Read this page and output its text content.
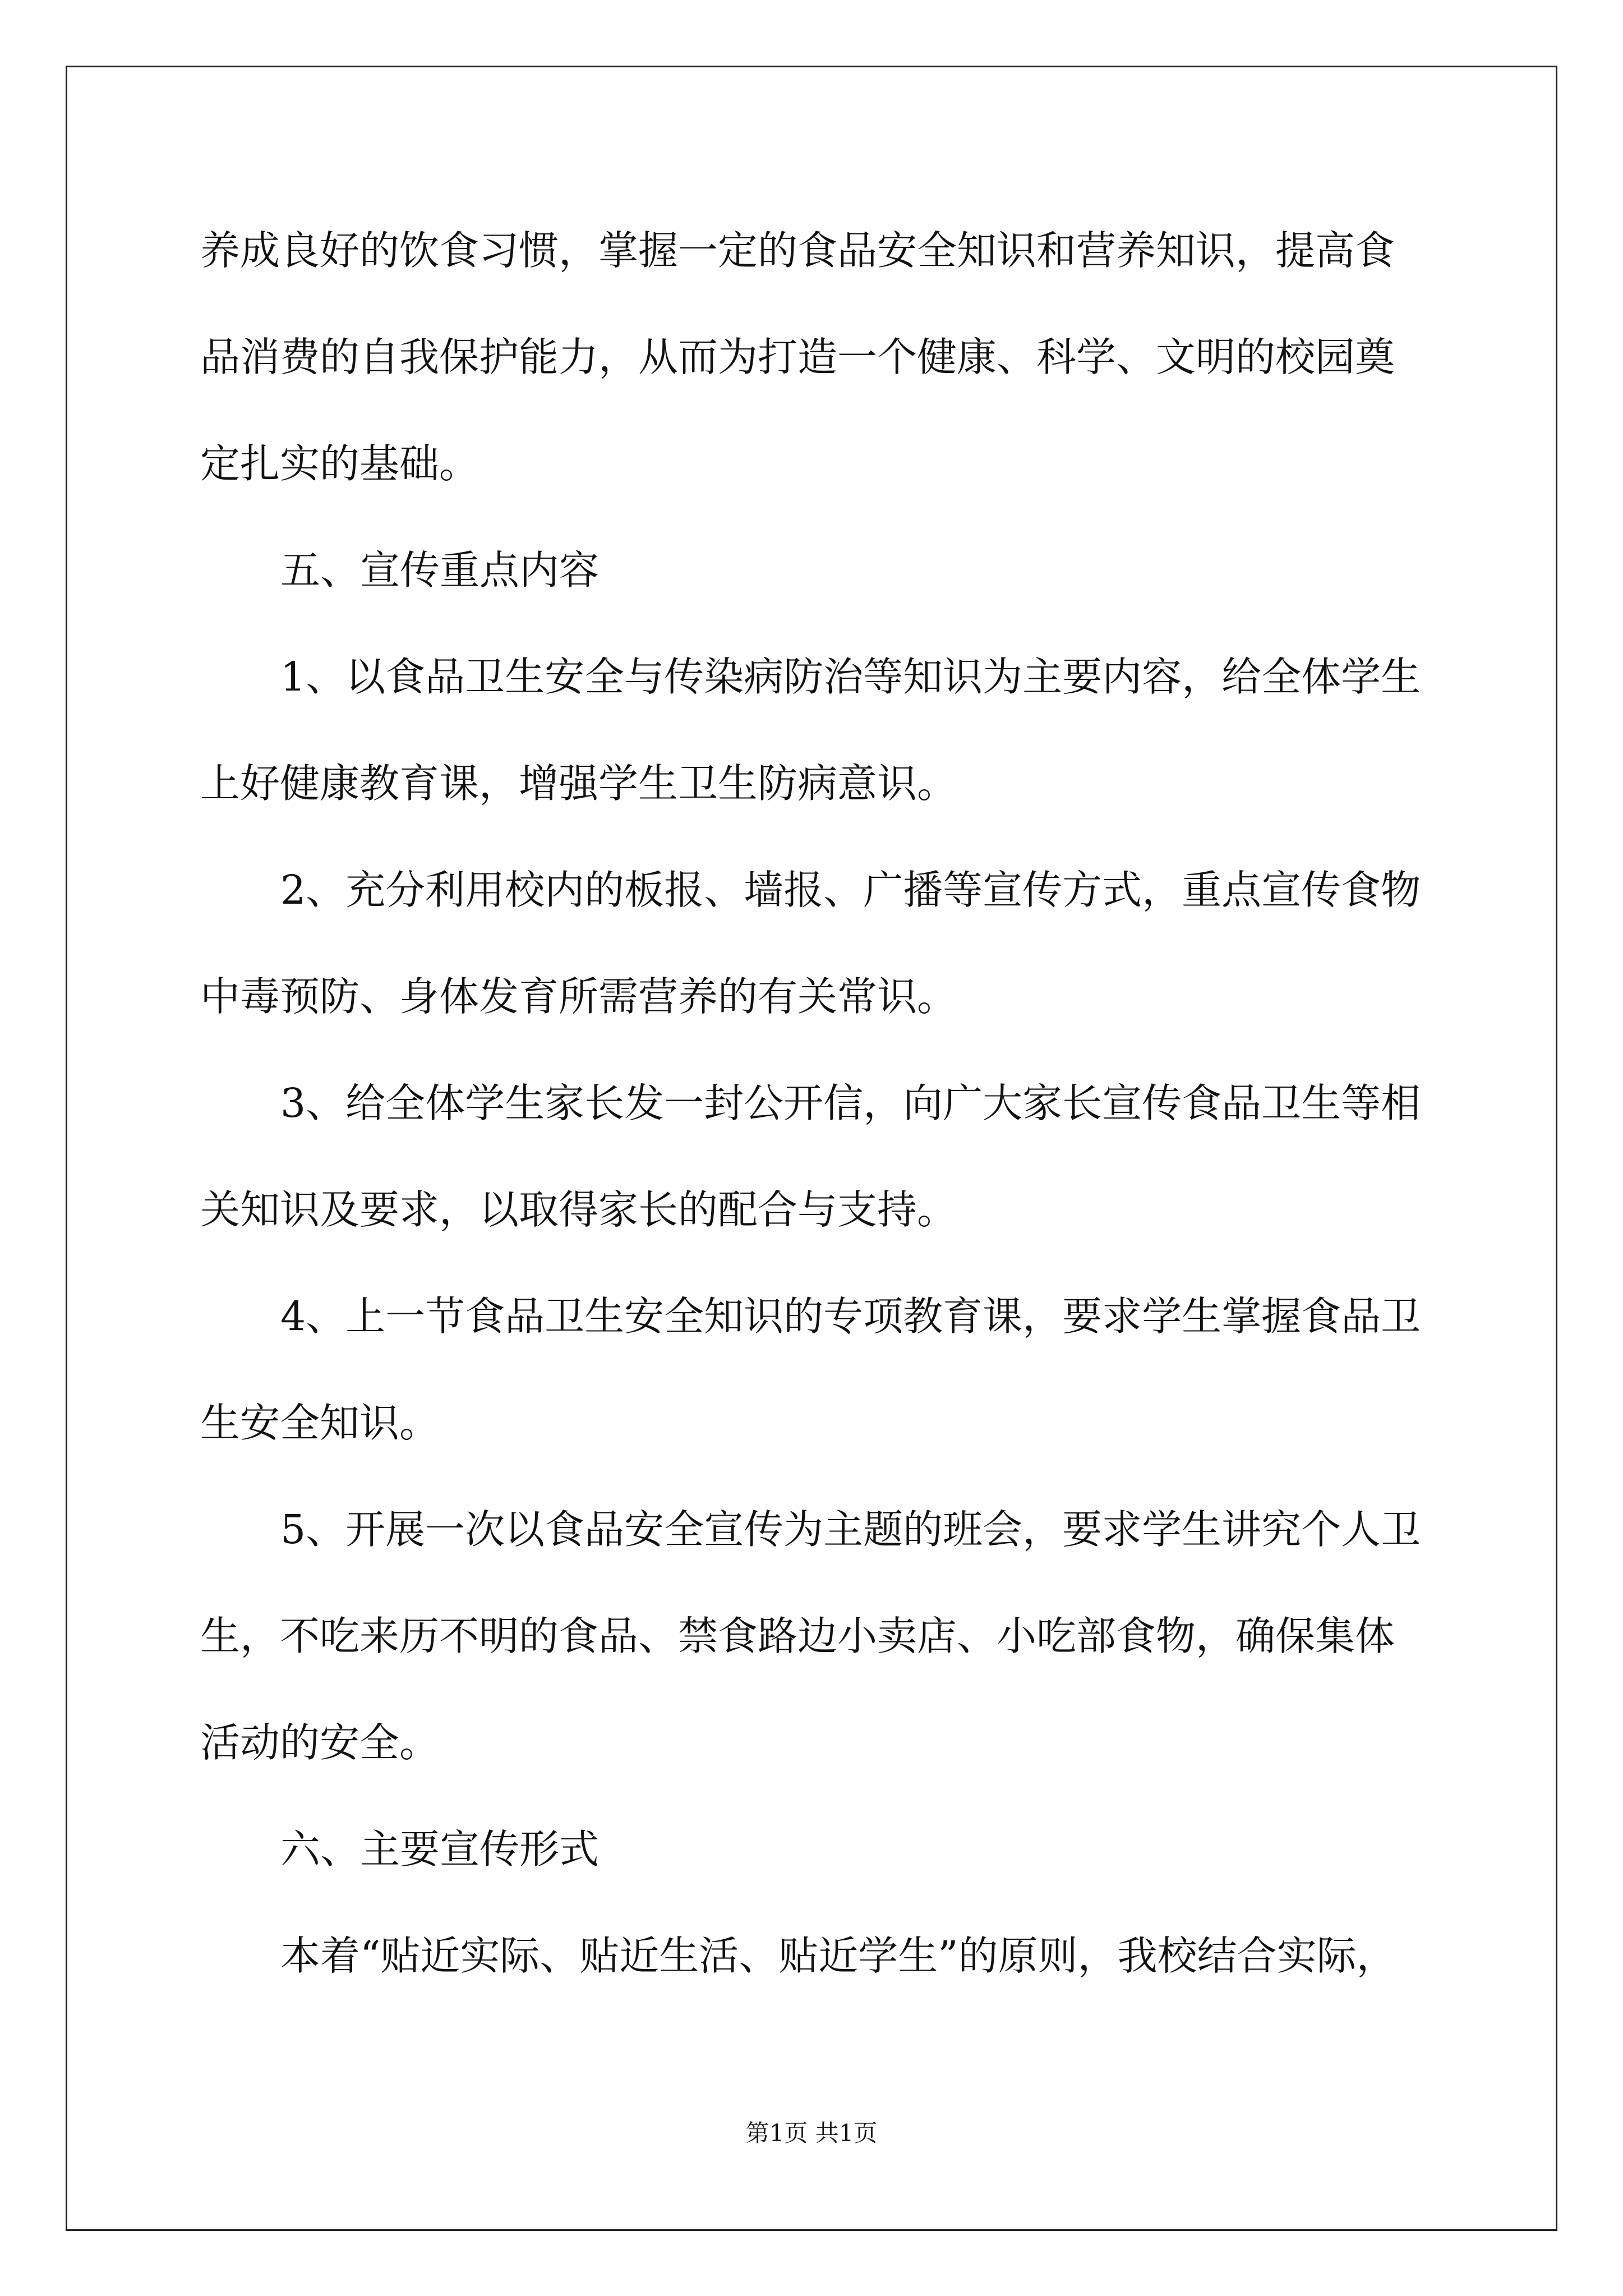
养成良好的饮食习惯，掌握一定的食品安全知识和营养知识，提高食
品消费的自我保护能力，从而为打造一个健康、科学、文明的校园奠
定扎实的基础。
五、宣传重点内容
1、以食品卫生安全与传染病防治等知识为主要内容，给全体学生
上好健康教育课，增强学生卫生防病意识。
2、充分利用校内的板报、墙报、广播等宣传方式，重点宣传食物
中毒预防、身体发育所需营养的有关常识。
3、给全体学生家长发一封公开信，向广大家长宣传食品卫生等相
关知识及要求，以取得家长的配合与支持。
4、上一节食品卫生安全知识的专项教育课，要求学生掌握食品卫
生安全知识。
5、开展一次以食品安全宣传为主题的班会，要求学生讲究个人卫
生，不吃来历不明的食品、禁食路边小卖店、小吃部食物，确保集体
活动的安全。
六、主要宣传形式
本着“贴近实际、贴近生活、贴近学生”的原则，我校结合实际，
第1页 共1页
